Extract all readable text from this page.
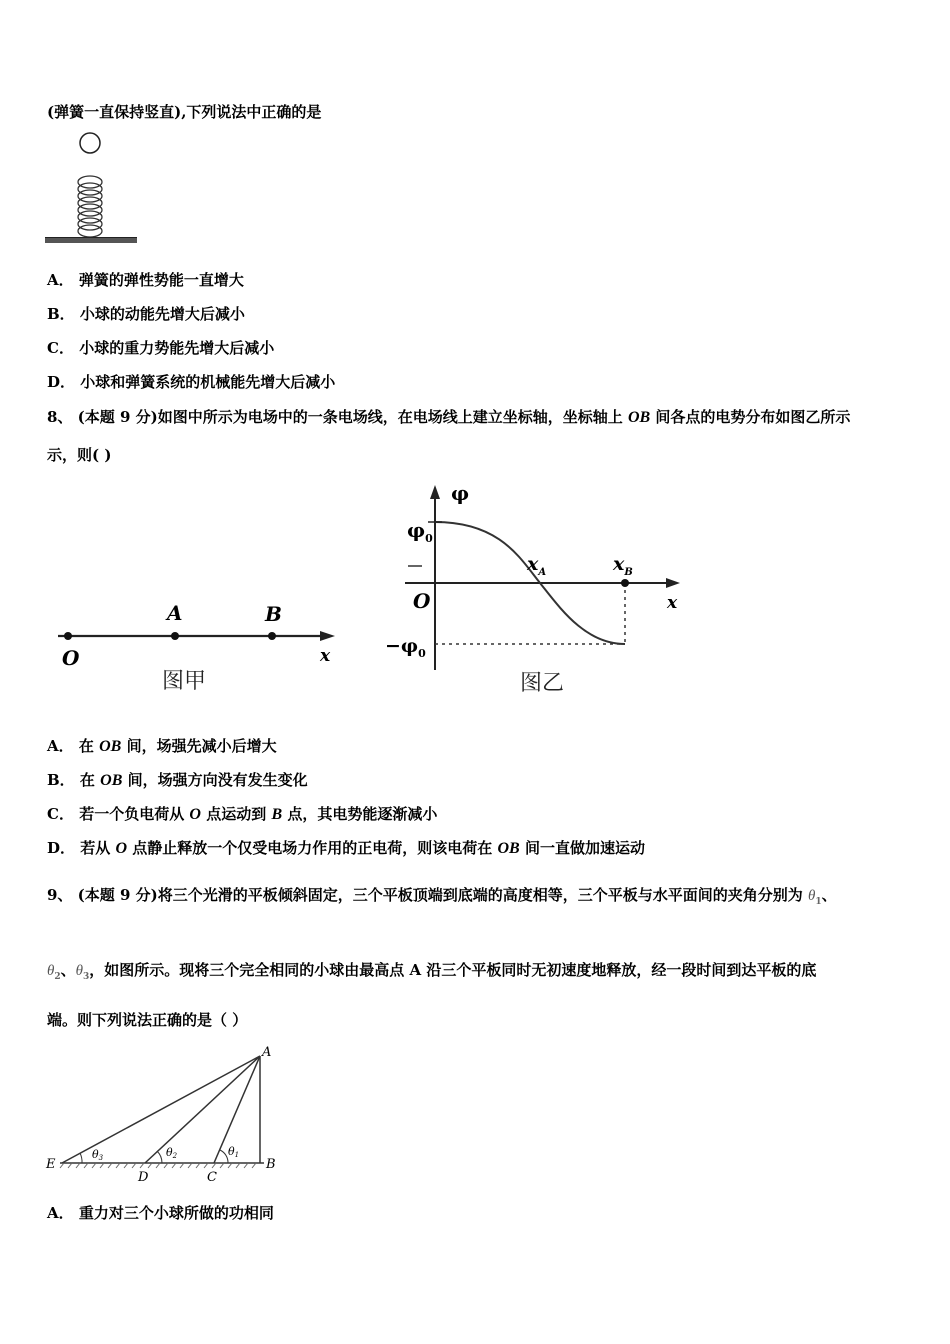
(弹簧一直保持竖直),下列说法中正确的是
A． 弹簧的弹性势能一直增大
B． 小球的动能先增大后减小
C． 小球的重力势能先增大后减小
D． 小球和弹簧系统的机械能先增大后减小
8、 (本题 9 分)如图中所示为电场中的一条电场线，在电场线上建立坐标轴，坐标轴上 OB 间各点的电势分布如图乙所示
示，则( )
O
A	B
x
图甲
φ
$\varphi_0$
$x_A$	$x_B$
O	x
$-\varphi_0$
图乙
A． 在 OB 间，场强先减小后增大
B． 在 OB 间，场强方向没有发生变化
C． 若一个负电荷从 O 点运动到 B 点，其电势能逐渐减小
D． 若从 O 点静止释放一个仅受电场力作用的正电荷，则该电荷在 OB 间一直做加速运动
9、 (本题 9 分)将三个光滑的平板倾斜固定，三个平板顶端到底端的高度相等，三个平板与水平面间的夹角分别为 $\theta_1$、
$\theta_2$、$\theta_3$，如图所示。现将三个完全相同的小球由最高点 A 沿三个平板同时无初速度地释放，经一段时间到达平板的底
端。则下列说法正确的是（ ）
A
B
C
D
E
θ3	θ2	θ1
A． 重力对三个小球所做的功相同
